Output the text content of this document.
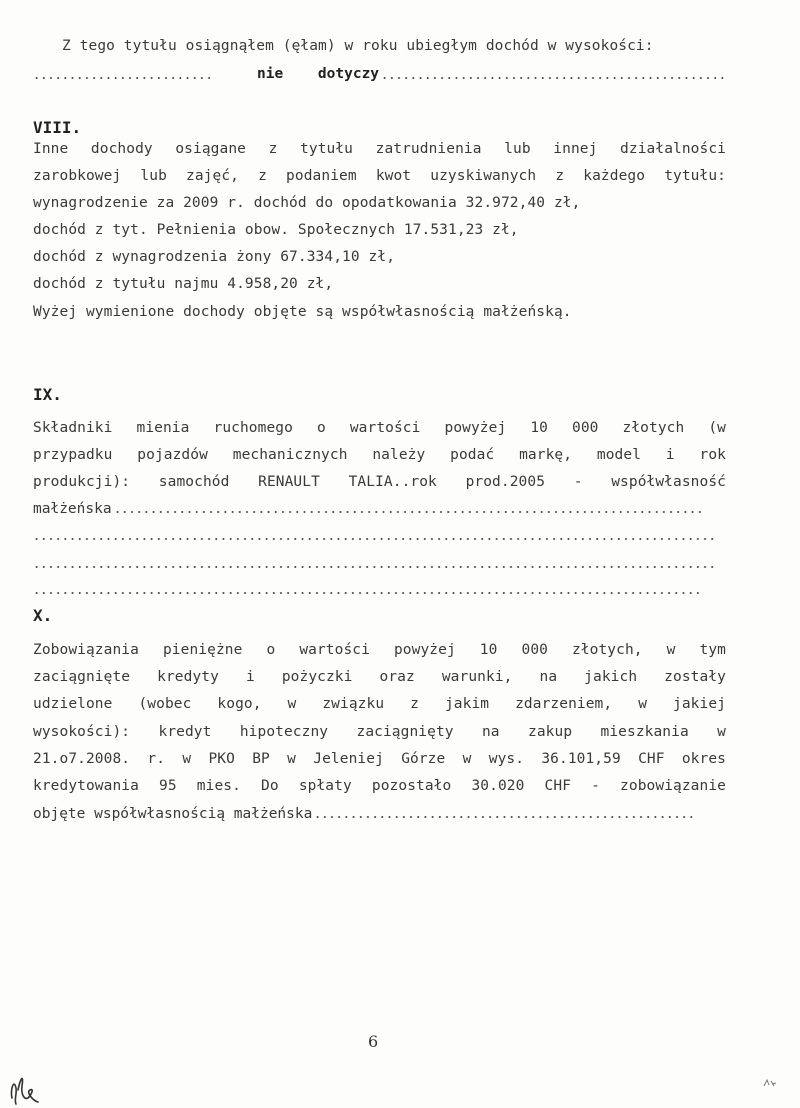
Z tego tytułu osiągnąłem (ęłam) w roku ubiegłym dochód w wysokości:
nie dotyczy
VIII.
Inne dochody osiągane z tytułu zatrudnienia lub innej działalności
zarobkowej lub zajęć, z podaniem kwot uzyskiwanych z każdego tytułu:
wynagrodzenie za 2009 r. dochód do opodatkowania 32.972,40 zł,
dochód z tyt. Pełnienia obow. Społecznych 17.531,23 zł,
dochód z wynagrodzenia żony 67.334,10 zł,
dochód z tytułu najmu 4.958,20 zł,
Wyżej wymienione dochody objęte są współwłasnością małżeńską.
IX.
Składniki mienia ruchomego o wartości powyżej 10 000 złotych (w
przypadku pojazdów mechanicznych należy podać markę, model i rok
produkcji): samochód RENAULT TALIA..rok prod.2005 - współwłasność
małżeńska
X.
Zobowiązania pieniężne o wartości powyżej 10 000 złotych, w tym
zaciągnięte kredyty i pożyczki oraz warunki, na jakich zostały
udzielone (wobec kogo, w związku z jakim zdarzeniem, w jakiej
wysokości): kredyt hipoteczny zaciągnięty na zakup mieszkania w
21.o7.2008. r. w PKO BP w Jeleniej Górze w wys. 36.101,59 CHF okres
kredytowania 95 mies. Do spłaty pozostało 30.020 CHF - zobowiązanie
objęte współwłasnością małżeńska
6
